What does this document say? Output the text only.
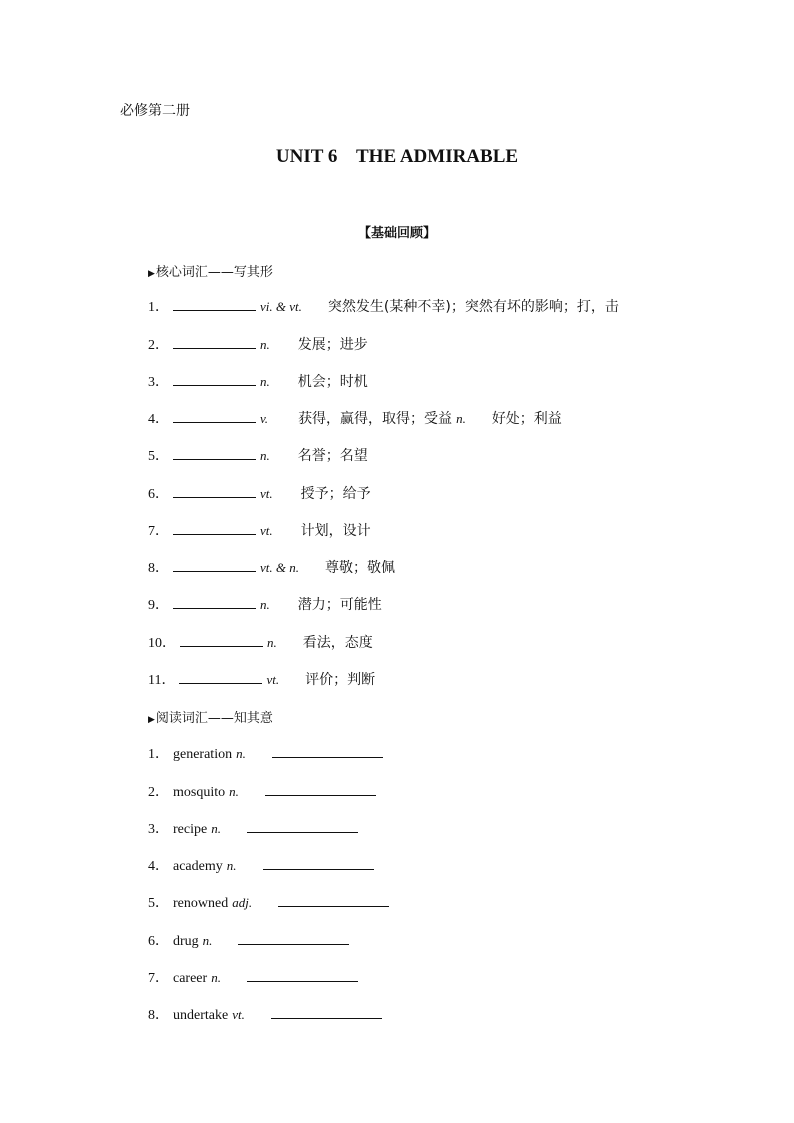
必修第二册
UNIT 6    THE ADMIRABLE
【基础回顾】
▶核心词汇——写其形
1．	vi. & vt. 突然发生(某种不幸)；突然有坏的影响；打，击
2．	n. 发展；进步
3．	n. 机会；时机
4．	v. 获得，赢得，取得；受益 n. 好处；利益
5．	n. 名誉；名望
6．	vt. 授予；给予
7．	vt. 计划，设计
8．	vt. & n. 尊敬；敬佩
9．	n. 潜力；可能性
10．	n. 看法，态度
11．	vt. 评价；判断
▶阅读词汇——知其意
1． generation n.
2． mosquito n.
3． recipe n.
4． academy n.
5． renowned adj.
6． drug n.
7． career n.
8． undertake vt.
